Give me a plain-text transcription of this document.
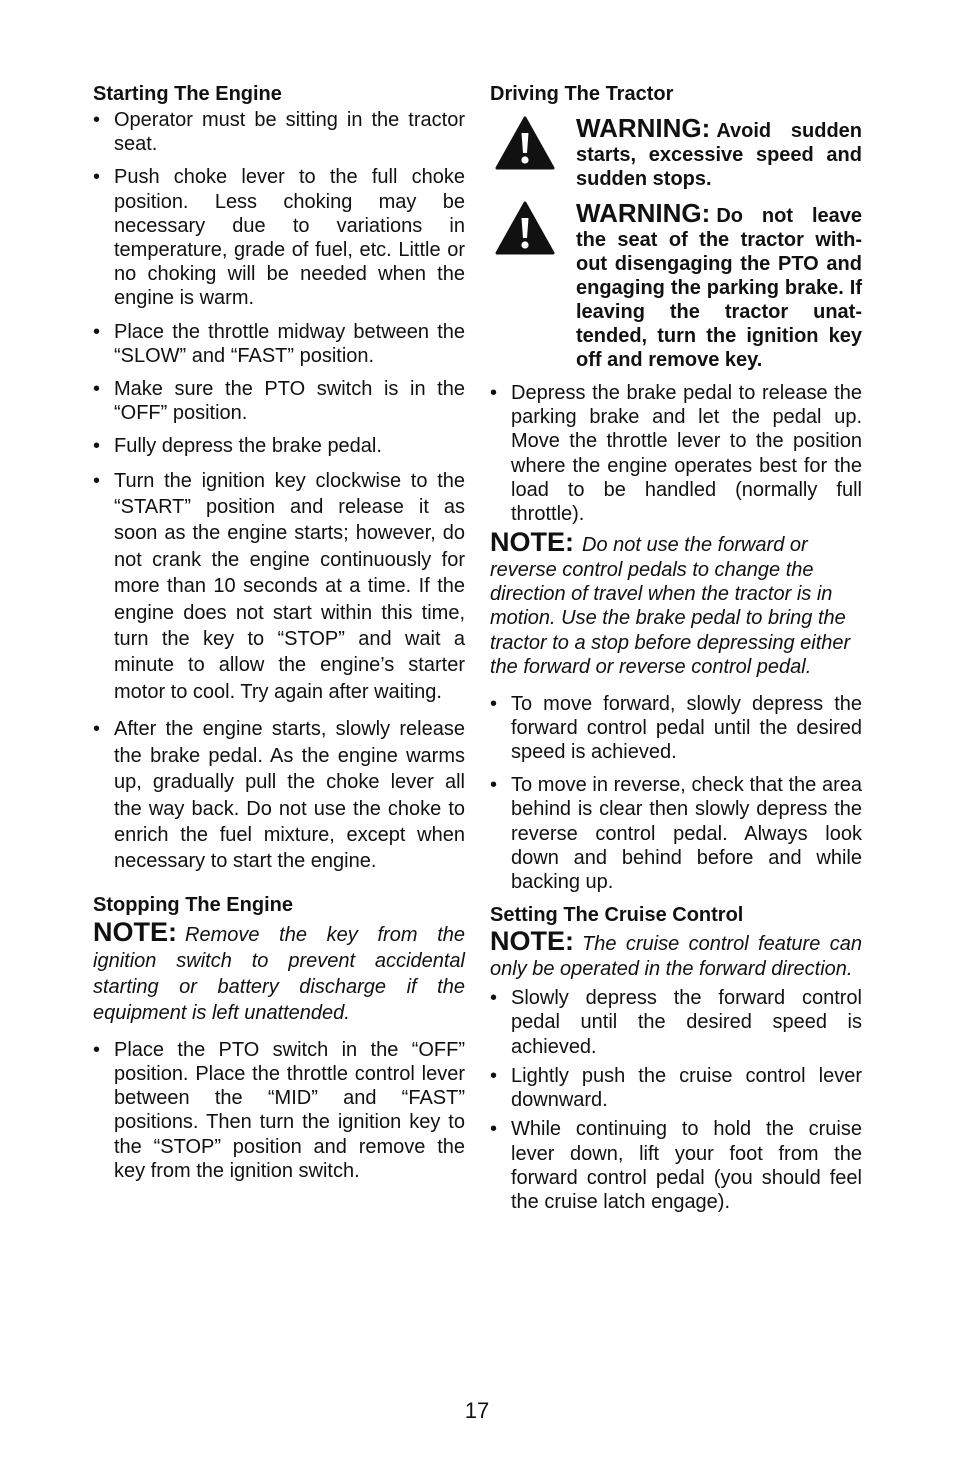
Starting The Engine
• Operator must be sitting in the tractor seat.
• Push choke lever to the full choke position. Less choking may be necessary due to variations in temperature, grade of fuel, etc. Little or no choking will be needed when the engine is warm.
• Place the throttle midway between the “SLOW” and “FAST” position.
• Make sure the PTO switch is in the “OFF” position.
• Fully depress the brake pedal.
• Turn the ignition key clockwise to the “START” position and release it as soon as the engine starts; however, do not crank the engine continuously for more than 10 seconds at a time. If the engine does not start within this time, turn the key to “STOP” and wait a minute to allow the engine’s starter motor to cool. Try again after waiting.
• After the engine starts, slowly release the brake pedal. As the engine warms up, gradually pull the choke lever all the way back. Do not use the choke to enrich the fuel mixture, except when necessary to start the engine.
Stopping The Engine
NOTE: Remove the key from the ignition switch to prevent accidental starting or battery discharge if the equipment is left unattended.
• Place the PTO switch in the “OFF” position. Place the throttle control lever between the “MID” and “FAST” positions. Then turn the ignition key to the “STOP” position and remove the key from the ignition switch.
Driving The Tractor
WARNING: Avoid sudden starts, excessive speed and sudden stops.
WARNING: Do not leave the seat of the tractor with-out disengaging the PTO and engaging the parking brake. If leaving the tractor unat-tended, turn the ignition key off and remove key.
• Depress the brake pedal to release the parking brake and let the pedal up. Move the throttle lever to the position where the engine operates best for the load to be handled (normally full throttle).
NOTE: Do not use the forward or reverse control pedals to change the direction of travel when the tractor is in motion. Use the brake pedal to bring the tractor to a stop before depressing either the forward or reverse control pedal.
• To move forward, slowly depress the forward control pedal until the desired speed is achieved.
• To move in reverse, check that the area behind is clear then slowly depress the reverse control pedal. Always look down and behind before and while backing up.
Setting The Cruise Control
NOTE: The cruise control feature can only be operated in the forward direction.
• Slowly depress the forward control pedal until the desired speed is achieved.
• Lightly push the cruise control lever downward.
• While continuing to hold the cruise lever down, lift your foot from the forward control pedal (you should feel the cruise latch engage).
17
